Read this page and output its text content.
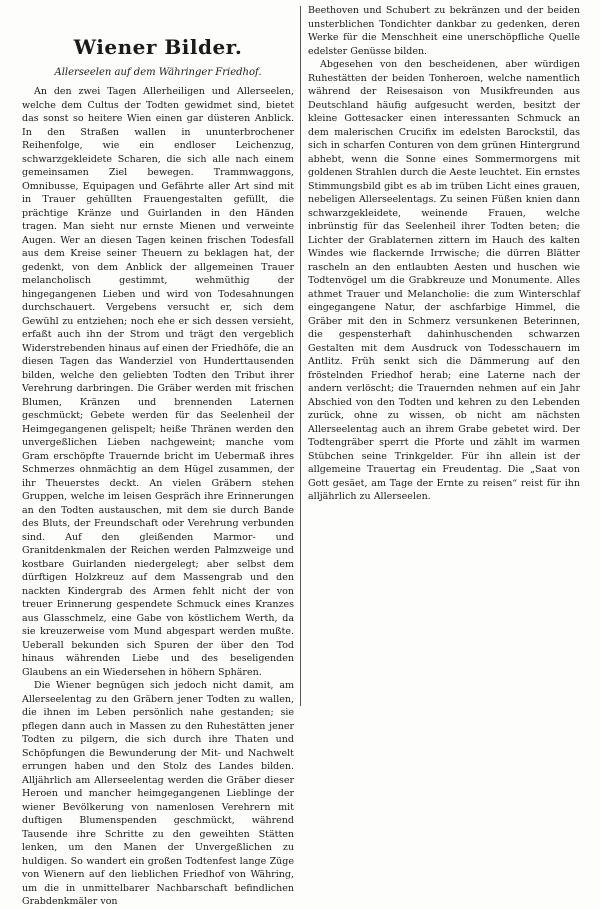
Wiener Bilder.
Allerseelen auf dem Währinger Friedhof.

An den zwei Tagen Allerheiligen und Allerseelen, welche dem Cultus der Todten gewidmet sind, bietet das sonst so heitere Wien einen gar düsteren Anblick. In den Straßen wallen in ununterbrochener Reihenfolge, wie ein endloser Leichenzug, schwarzgekleidete Scharen, die sich alle nach einem gemeinsamen Ziel bewegen. Trammwaggons, Omnibusse, Equipagen und Gefährte aller Art sind mit in Trauer gehüllten Frauengestalten gefüllt, die prächtige Kränze und Guirlanden in den Händen tragen. Man sieht nur ernste Mienen und verweinte Augen. Wer an diesen Tagen keinen frischen Todesfall aus dem Kreise seiner Theuern zu beklagen hat, der gedenkt, von dem Anblick der allgemeinen Trauer melancholisch gestimmt, wehmüthig der hingegangenen Lieben und wird von Todesahnungen durchschauert. Vergebens versucht er, sich dem Gewühl zu entziehen; noch ehe er sich dessen versieht, erfaßt auch ihn der Strom und trägt den vergeblich Widerstrebenden hinaus auf einen der Friedhöfe, die an diesen Tagen das Wanderziel von Hunderttausenden bilden, welche den geliebten Todten den Tribut ihrer Verehrung darbringen. Die Gräber werden mit frischen Blumen, Kränzen und brennenden Laternen geschmückt; Gebete werden für das Seelenheil der Heimgegangenen gelispelt; heiße Thränen werden den unvergeßlichen Lieben nachgeweint; manche vom Gram erschöpfte Trauernde bricht im Uebermaß ihres Schmerzes ohnmächtig an dem Hügel zusammen, der ihr Theuerstes deckt. An vielen Gräbern stehen Gruppen, welche im leisen Gespräch ihre Erinnerungen an den Todten austauschen, mit dem sie durch Bande des Bluts, der Freundschaft oder Verehrung verbunden sind. Auf den gleißenden Marmor- und Granitdenkmalen der Reichen werden Palmzweige und kostbare Guirlanden niedergelegt; aber selbst dem dürftigen Holzkreuz auf dem Massengrab und den nackten Kindergrab des Armen fehlt nicht der von treuer Erinnerung gespendete Schmuck eines Kranzes aus Glasschmelz, eine Gabe von köstlichem Werth, da sie kreuzerweise vom Mund abgespart werden mußte. Ueberall bekunden sich Spuren der über den Tod hinaus währenden Liebe und des beseligenden Glaubens an ein Wiedersehen in höhern Sphären.

Die Wiener begnügen sich jedoch nicht damit, am Allerseelentag zu den Gräbern jener Todten zu wallen, die ihnen im Leben persönlich nahe gestanden; sie pflegen dann auch in Massen zu den Ruhestätten jener Todten zu pilgern, die sich durch ihre Thaten und Schöpfungen die Bewunderung der Mit- und Nachwelt errungen haben und den Stolz des Landes bilden. Alljährlich am Allerseelentag werden die Gräber dieser Heroen und mancher heimgegangenen Lieblinge der wiener Bevölkerung von namenlosen Verehrern mit duftigen Blumenspenden geschmückt, während Tausende ihre Schritte zu den geweihten Stätten lenken, um den Manen der Unvergeßlichen zu huldigen. So wandert ein großen Todtenfest lange Züge von Wienern auf den lieblichen Friedhof von Währing, um die in unmittelbarer Nachbarschaft befindlichen Grabdenkmäler von

Beethoven und Schubert zu bekränzen und der beiden unsterblichen Tondichter dankbar zu gedenken, deren Werke für die Menschheit eine unerschöpfliche Quelle edelster Genüsse bilden.

Abgesehen von den bescheidenen, aber würdigen Ruhestätten der beiden Tonheroen, welche namentlich während der Reisesaison von Musikfreunden aus Deutschland häufig aufgesucht werden, besitzt der kleine Gottesacker einen interessanten Schmuck an dem malerischen Crucifix im edelsten Barockstil, das sich in scharfen Conturen von dem grünen Hintergrund abhebt, wenn die Sonne eines Sommermorgens mit goldenen Strahlen durch die Aeste leuchtet. Ein ernstes Stimmungsbild gibt es ab im trüben Licht eines grauen, nebeligen Allerseelentags. Zu seinen Füßen knien dann schwarzgekleidete, weinende Frauen, welche inbrünstig für das Seelenheil ihrer Todten beten; die Lichter der Grablaternen zittern im Hauch des kalten Windes wie flackernde Irrwische; die dürren Blätter rascheln an den entlaubten Aesten und huschen wie Todtenvögel um die Grabkreuze und Monumente. Alles athmet Trauer und Melancholie: die zum Winterschlaf eingegangene Natur, der aschfarbige Himmel, die Gräber mit den in Schmerz versunkenen Beterinnen, die gespensterhaft dahinhuschenden schwarzen Gestalten mit dem Ausdruck von Todesschauern im Antlitz. Früh senkt sich die Dämmerung auf den fröstelnden Friedhof herab; eine Laterne nach der andern verlöscht; die Trauernden nehmen auf ein Jahr Abschied von den Todten und kehren zu den Lebenden zurück, ohne zu wissen, ob nicht am nächsten Allerseelentag auch an ihrem Grabe gebetet wird. Der Todtengräber sperrt die Pforte und zählt im warmen Stübchen seine Trinkgelder. Für ihn allein ist der allgemeine Trauertag ein Freudentag. Die „Saat von Gott gesäet, am Tage der Ernte zu reisen“ reist für ihn alljährlich zu Allerseelen.
